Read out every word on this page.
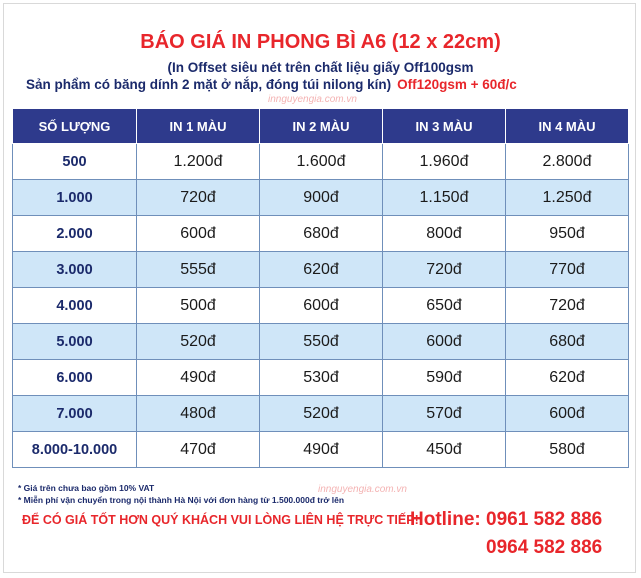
BÁO GIÁ IN PHONG BÌ A6 (12 x 22cm)
(In Offset siêu nét trên chất liệu giấy Off100gsm
Sản phẩm có băng dính 2 mặt ở nắp, đóng túi nilong kín) Off120gsm + 60đ/c
innguyengia.com.vn
SỐ LƯỢNG	IN 1 MÀU	IN 2 MÀU	IN 3 MÀU	IN 4 MÀU
500	1.200đ	1.600đ	1.960đ	2.800đ
1.000	720đ	900đ	1.150đ	1.250đ
2.000	600đ	680đ	800đ	950đ
3.000	555đ	620đ	720đ	770đ
4.000	500đ	600đ	650đ	720đ
5.000	520đ	550đ	600đ	680đ
6.000	490đ	530đ	590đ	620đ
7.000	480đ	520đ	570đ	600đ
8.000-10.000	470đ	490đ	450đ	580đ
* Giá trên chưa bao gồm 10% VAT
* Miễn phí vận chuyển trong nội thành Hà Nội với đơn hàng từ 1.500.000đ trở lên
innguyengia.com.vn
ĐỂ CÓ GIÁ TỐT HƠN QUÝ KHÁCH VUI LÒNG LIÊN HỆ TRỰC TIẾP!
Hotline: 0961 582 886
0964 582 886
